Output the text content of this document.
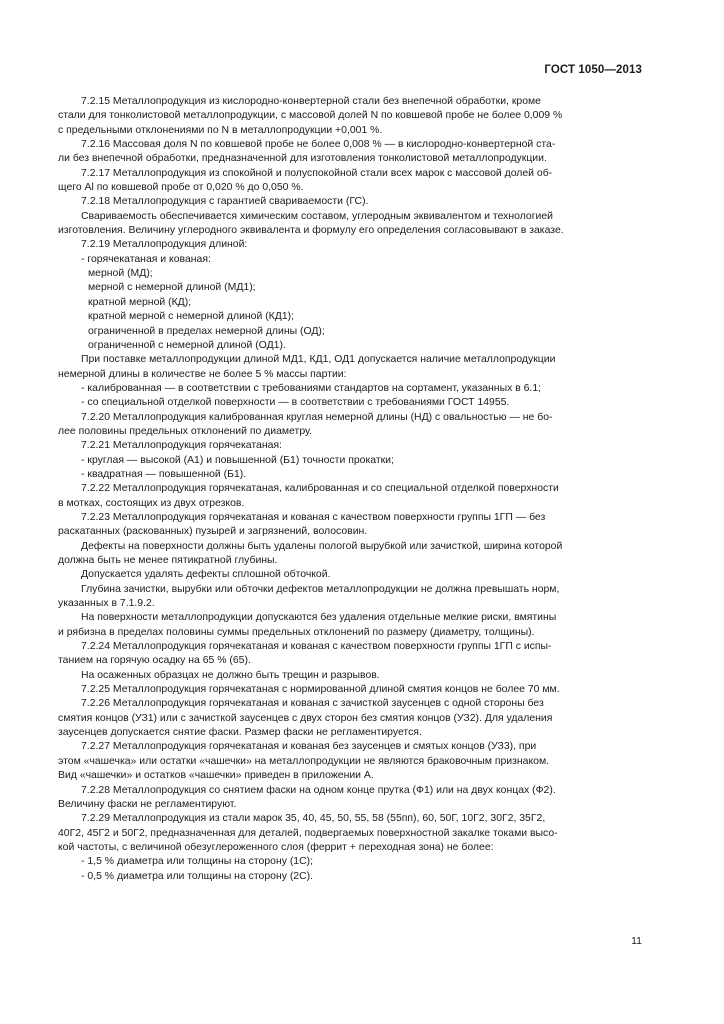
ГОСТ 1050—2013

7.2.15 Металлопродукция из кислородно-конвертерной стали без внепечной обработки, кроме

стали для тонколистовой металлопродукции, с массовой долей N по ковшевой пробе не более 0,009 %

с предельными отклонениями по N в металлопродукции +0,001 %.

7.2.16 Массовая доля N по ковшевой пробе не более 0,008 % — в кислородно-конвертерной ста-

ли без внепечной обработки, предназначенной для изготовления тонколистовой металлопродукции.

7.2.17 Металлопродукция из спокойной и полуспокойной стали всех марок с массовой долей об-

щего Al по ковшевой пробе от 0,020 % до 0,050 %.

7.2.18 Металлопродукция с гарантией свариваемости (ГС).

Свариваемость обеспечивается химическим составом, углеродным эквивалентом и технологией

изготовления. Величину углеродного эквивалента и формулу его определения согласовывают в заказе.

7.2.19 Металлопродукция длиной:

- горячекатаная и кованая:

мерной (МД);

мерной с немерной длиной (МД1);

кратной мерной (КД);

кратной мерной с немерной длиной (КД1);

ограниченной в пределах немерной длины (ОД);

ограниченной с немерной длиной (ОД1).

При поставке металлопродукции длиной МД1, КД1, ОД1 допускается наличие металлопродукции

немерной длины в количестве не более 5 % массы партии:

- калиброванная — в соответствии с требованиями стандартов на сортамент, указанных в 6.1;

- со специальной отделкой поверхности — в соответствии с требованиями ГОСТ 14955.

7.2.20 Металлопродукция калиброванная круглая немерной длины (НД) с овальностью — не бо-

лее половины предельных отклонений по диаметру.

7.2.21 Металлопродукция горячекатаная:

- круглая — высокой (А1) и повышенной (Б1) точности прокатки;

- квадратная — повышенной (Б1).

7.2.22 Металлопродукция горячекатаная, калиброванная и со специальной отделкой поверхности

в мотках, состоящих из двух отрезков.

7.2.23 Металлопродукция горячекатаная и кованая с качеством поверхности группы 1ГП — без

раскатанных (раскованных) пузырей и загрязнений, волосовин.

Дефекты на поверхности должны быть удалены пологой вырубкой или зачисткой, ширина которой

должна быть не менее пятикратной глубины.

Допускается удалять дефекты сплошной обточкой.

Глубина зачистки, вырубки или обточки дефектов металлопродукции не должна превышать норм,

указанных в 7.1.9.2.

На поверхности металлопродукции допускаются без удаления отдельные мелкие риски, вмятины

и рябизна в пределах половины суммы предельных отклонений по размеру (диаметру, толщины).

7.2.24 Металлопродукция горячекатаная и кованая с качеством поверхности группы 1ГП с испы-

танием на горячую осадку на 65 % (65).

На осаженных образцах не должно быть трещин и разрывов.

7.2.25 Металлопродукция горячекатаная с нормированной длиной смятия концов не более 70 мм.

7.2.26 Металлопродукция горячекатаная и кованая с зачисткой заусенцев с одной стороны без

смятия концов (УЗ1) или с зачисткой заусенцев с двух сторон без смятия концов (УЗ2). Для удаления

заусенцев допускается снятие фаски. Размер фаски не регламентируется.

7.2.27 Металлопродукция горячекатаная и кованая без заусенцев и смятых концов (УЗ3), при

этом «чашечка» или остатки «чашечки» на металлопродукции не являются браковочным признаком.

Вид «чашечки» и остатков «чашечки» приведен в приложении А.

7.2.28 Металлопродукция со снятием фаски на одном конце прутка (Ф1) или на двух концах (Ф2).

Величину фаски не регламентируют.

7.2.29 Металлопродукция из стали марок 35, 40, 45, 50, 55, 58 (55пп), 60, 50Г, 10Г2, 30Г2, 35Г2,

40Г2, 45Г2 и 50Г2, предназначенная для деталей, подвергаемых поверхностной закалке токами высо-

кой частоты, с величиной обезуглероженного слоя (феррит + переходная зона) не более:

- 1,5 % диаметра или толщины на сторону (1С);

- 0,5 % диаметра или толщины на сторону (2С).

11
